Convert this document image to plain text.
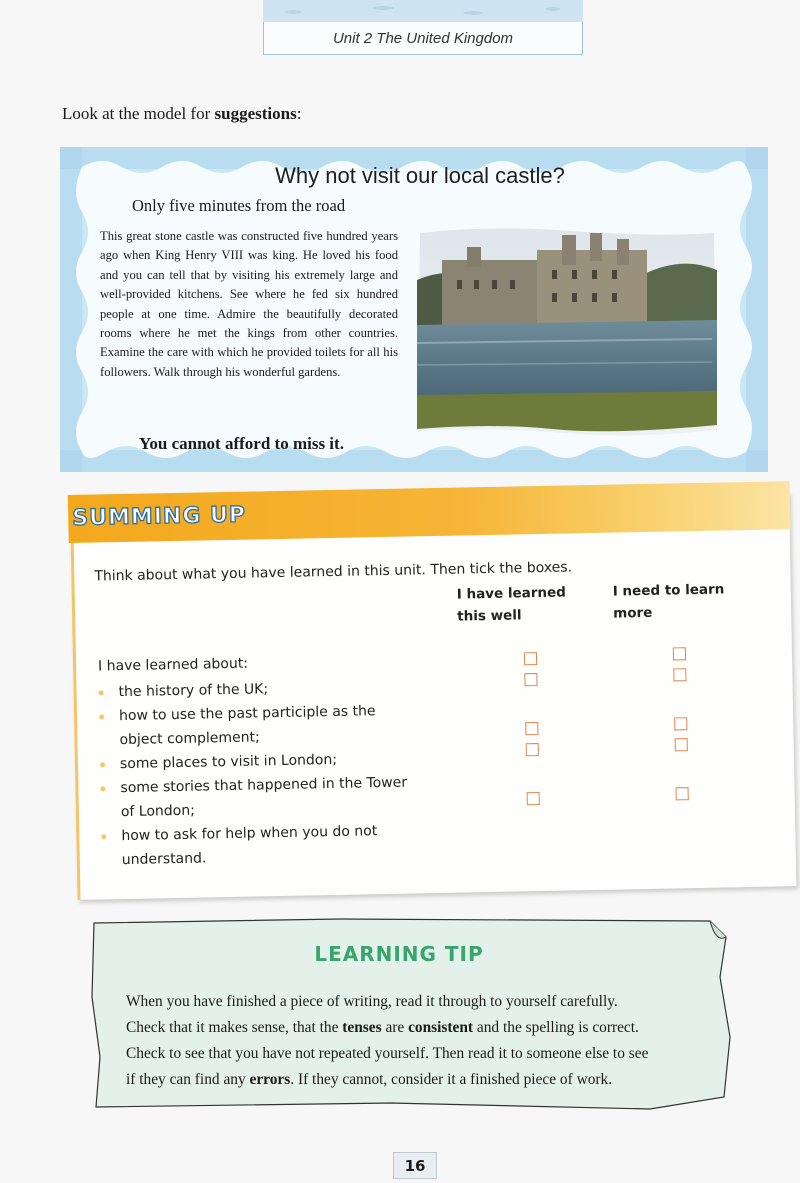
Unit 2 The United Kingdom
Look at the model for suggestions:
Why not visit our local castle?
Only five minutes from the road
This great stone castle was constructed five hundred years ago when King Henry VIII was king. He loved his food and you can tell that by visiting his extremely large and well-provided kitchens. See where he fed six hundred people at one time. Admire the beautifully decorated rooms where he met the kings from other countries. Examine the care with which he provided toilets for all his followers. Walk through his wonderful gardens.
You cannot afford to miss it.
SUMMING UP
Think about what you have learned in this unit. Then tick the boxes.
I have learned this well
I need to learn more
I have learned about:
the history of the UK;
how to use the past participle as the object complement;
some places to visit in London;
some stories that happened in the Tower of London;
how to ask for help when you do not understand.
LEARNING TIP
When you have finished a piece of writing, read it through to yourself carefully.
Check that it makes sense, that the tenses are consistent and the spelling is correct.
Check to see that you have not repeated yourself. Then read it to someone else to see
if they can find any errors. If they cannot, consider it a finished piece of work.
16
